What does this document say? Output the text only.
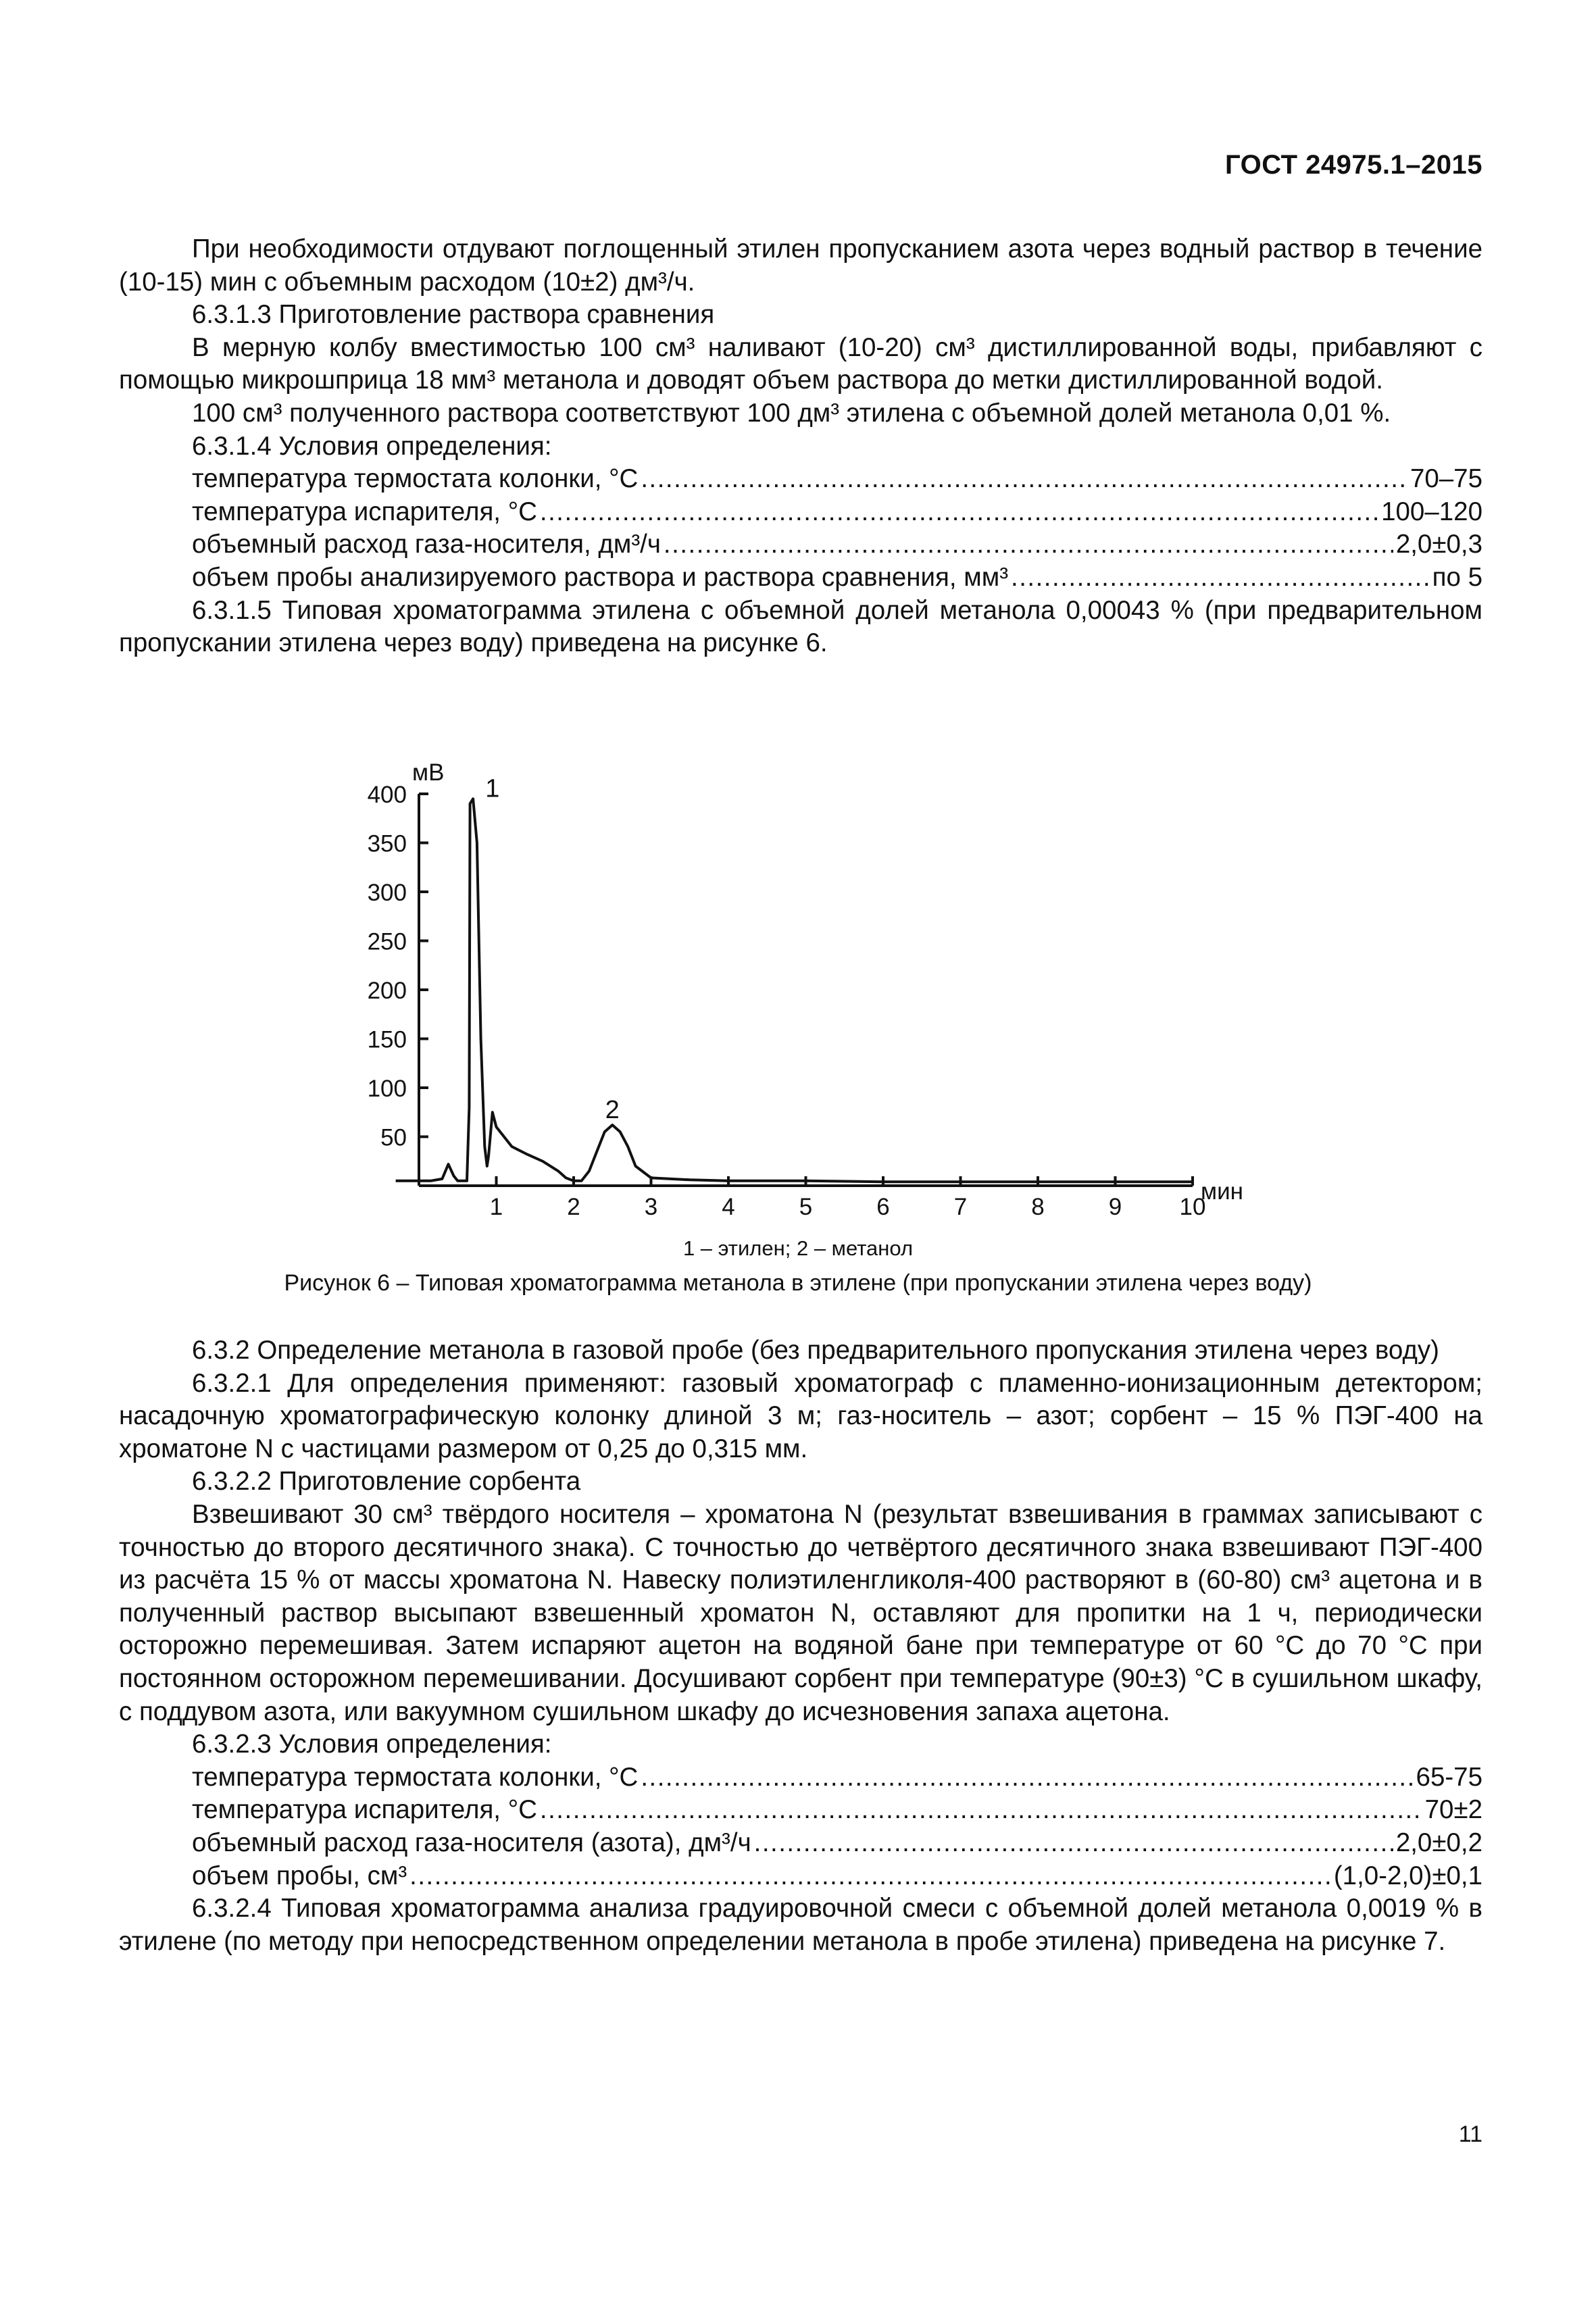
ГОСТ 24975.1–2015

При необходимости отдувают поглощенный этилен пропусканием азота через водный раствор в течение (10-15) мин с объемным расходом (10±2) дм³/ч.

6.3.1.3 Приготовление раствора сравнения

В мерную колбу вместимостью 100 см³ наливают (10-20) см³ дистиллированной воды, прибавляют с помощью микрошприца 18 мм³ метанола и доводят объем раствора до метки дистиллированной водой.

100 см³ полученного раствора соответствуют 100 дм³ этилена с объемной долей метанола 0,01 %.

6.3.1.4 Условия определения:

температура термостата колонки, °C .....	70–75
температура испарителя, °C .....	100–120
объемный расход газа-носителя, дм³/ч .....	2,0±0,3
объем пробы анализируемого раствора и раствора сравнения, мм³ .....	по 5

6.3.1.5 Типовая хроматограмма этилена с объемной долей метанола 0,00043 % (при предварительном пропускании этилена через воду) приведена на рисунке 6.

50
100
150
200
250
300
350
400
1	2	3	4	5	6	7	8	9 10
мВ
мин
1
2
1 – этилен; 2 – метанол
Рисунок 6 – Типовая хроматограмма метанола в этилене (при пропускании этилена через воду)

6.3.2 Определение метанола в газовой пробе (без предварительного пропускания этилена через воду)

6.3.2.1 Для определения применяют: газовый хроматограф с пламенно-ионизационным детектором; насадочную хроматографическую колонку длиной 3 м; газ-носитель – азот; сорбент – 15 % ПЭГ-400 на хроматоне N с частицами размером от 0,25 до 0,315 мм.

6.3.2.2 Приготовление сорбента

Взвешивают 30 см³ твёрдого носителя – хроматона N (результат взвешивания в граммах записывают с точностью до второго десятичного знака). С точностью до четвёртого десятичного знака взвешивают ПЭГ-400 из расчёта 15 % от массы хроматона N. Навеску полиэтиленгликоля-400 растворяют в (60-80) см³ ацетона и в полученный раствор высыпают взвешенный хроматон N, оставляют для пропитки на 1 ч, периодически осторожно перемешивая. Затем испаряют ацетон на водяной бане при температуре от 60 °С до 70 °С при постоянном осторожном перемешивании. Досушивают сорбент при температуре (90±3) °С в сушильном шкафу, с поддувом азота, или вакуумном сушильном шкафу до исчезновения запаха ацетона.

6.3.2.3 Условия определения:

температура термостата колонки, °C .....	65-75
температура испарителя, °C .....	70±2
объемный расход газа-носителя (азота), дм³/ч .....	2,0±0,2
объем пробы, см³ .....	(1,0-2,0)±0,1

6.3.2.4 Типовая хроматограмма анализа градуировочной смеси с объемной долей метанола 0,0019 % в этилене (по методу при непосредственном определении метанола в пробе этилена) приведена на рисунке 7.

11
